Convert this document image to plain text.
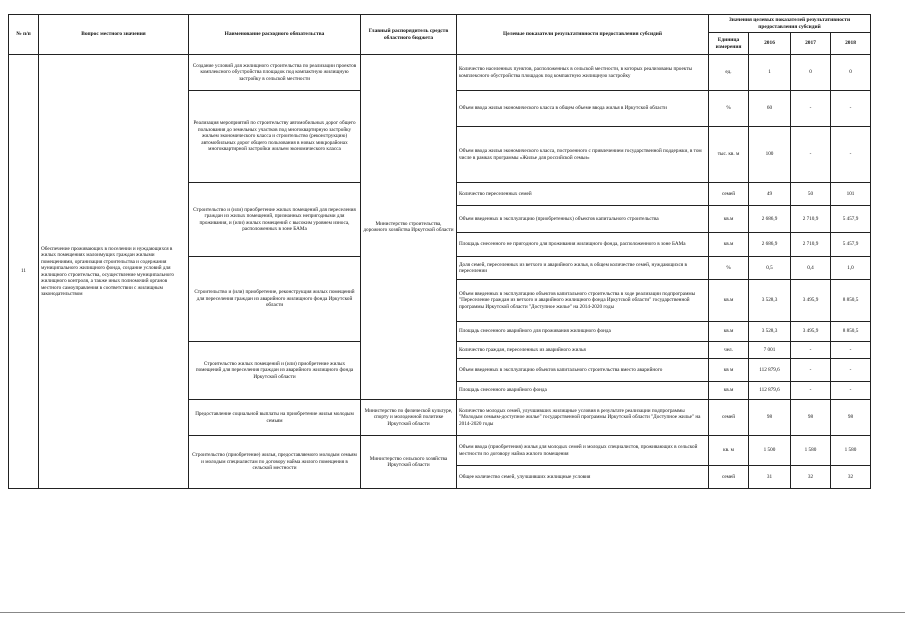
№ п/п	Вопрос местного значения	Наименование расходного обязательства	Главный распорядитель средств областного бюджета	Целевые показатели результативности предоставления субсидий	Значения целевых показателей результативности предоставления субсидий			
					Единица измерения	2016	2017	2018
11	Обеспечение проживающих в поселении и нуждающихся в жилых помещениях малоимущих граждан жилыми помещениями, организация строительства и содержания муниципального жилищного фонда, создание условий для жилищного строительства, осуществление муниципального жилищного контроля, а также иных полномочий органов местного самоуправления в соответствии с жилищным законодательством	Создание условий для жилищного строительства по реализации проектов комплексного обустройства площадок под компактную жилищную застройку в сельской местности	Министерство строительства, дорожного хозяйства Иркутской области	Количество населенных пунктов, расположенных в сельской местности, в которых реализованы проекты комплексного обустройства площадок под компактную жилищную застройку	ед.	1	0	0
		Реализация мероприятий по строительству автомобильных дорог общего пользования до земельных участков под многоквартирную застройку жильем экономического класса и строительство (реконструкцию) автомобильных дорог общего пользования в новых микрорайонах многоквартирной застройки жильем экономического класса		Объем ввода жилья экономического класса в общем объеме ввода жилья в Иркутской области	%	60	-	-
				Объем ввода жилья экономического класса, построенного с привлечением государственной поддержки, в том числе в рамках программы «Жилье для российской семьи»	тыс. кв. м	100	-	-
		Строительство и (или) приобретение жилых помещений для переселения граждан из жилых помещений, признанных непригодными для проживания, и (или) жилых помещений с высоким уровнем износа, расположенных в зоне БАМа		Количество переселенных семей	семей	49	50	101
				Объем введенных в эксплуатацию (приобретенных) объектов капитального строительства	кв.м	2 686,9	2 710,9	5 457,9
				Площадь снесенного не пригодного для проживания жилищного фонда, расположенного в зоне БАМа	кв.м	2 686,9	2 710,9	5 457,9
		Строительство и (или) приобретение, реконструкция жилых помещений для переселения граждан из аварийного жилищного фонда Иркутской области		Доля семей, переселенных из ветхого и аварийного жилья, в общем количестве семей, нуждающихся в переселении	%	0,5	0,4	1,0
				Объем введенных в эксплуатацию объектов капитального строительства в ходе реализации подпрограммы "Переселение граждан из ветхого и аварийного жилищного фонда Иркутской области" государственной программы Иркутской области "Доступное жилье" на 2014-2020 годы	кв.м	3 528,3	3 495,9	8 850,5
				Площадь снесенного аварийного для проживания жилищного фонда	кв.м	3 528,3	3 495,9	8 850,5
		Строительство жилых помещений и (или) приобретение жилых помещений для переселения граждан из аварийного жилищного фонда Иркутской области		Количество граждан, переселенных из аварийного жилья	чел.	7 001	-	-
				Объем введенных в эксплуатацию объектов капитального строительства вместо аварийного	кв м	112 879,6	-	-
				Площадь снесенного аварийного фонда	кв.м	112 879,6	-	-
		Предоставление социальной выплаты на приобретение жилья молодым семьям	Министерство по физической культуре, спорту и молодежной политике Иркутской области	Количество молодых семей, улучшивших жилищные условия в результате реализации подпрограммы "Молодым семьям-доступное жилье" государственной программы Иркутской области "Доступное жилье" на 2014-2020 годы	семей	98	98	98
		Строительство (приобретение) жилья, предоставляемого молодым семьям и молодым специалистам по договору найма жилого помещения в сельской местности	Министерство сельского хозяйства Иркутской области	Объем ввода (приобретения) жилья для молодых семей и молодых специалистов, проживающих в сельской местности по договору найма жилого помещения	кв. м	1 500	1 580	1 580
				Общее количество семей, улучшивших жилищные условия	семей	31	32	32
